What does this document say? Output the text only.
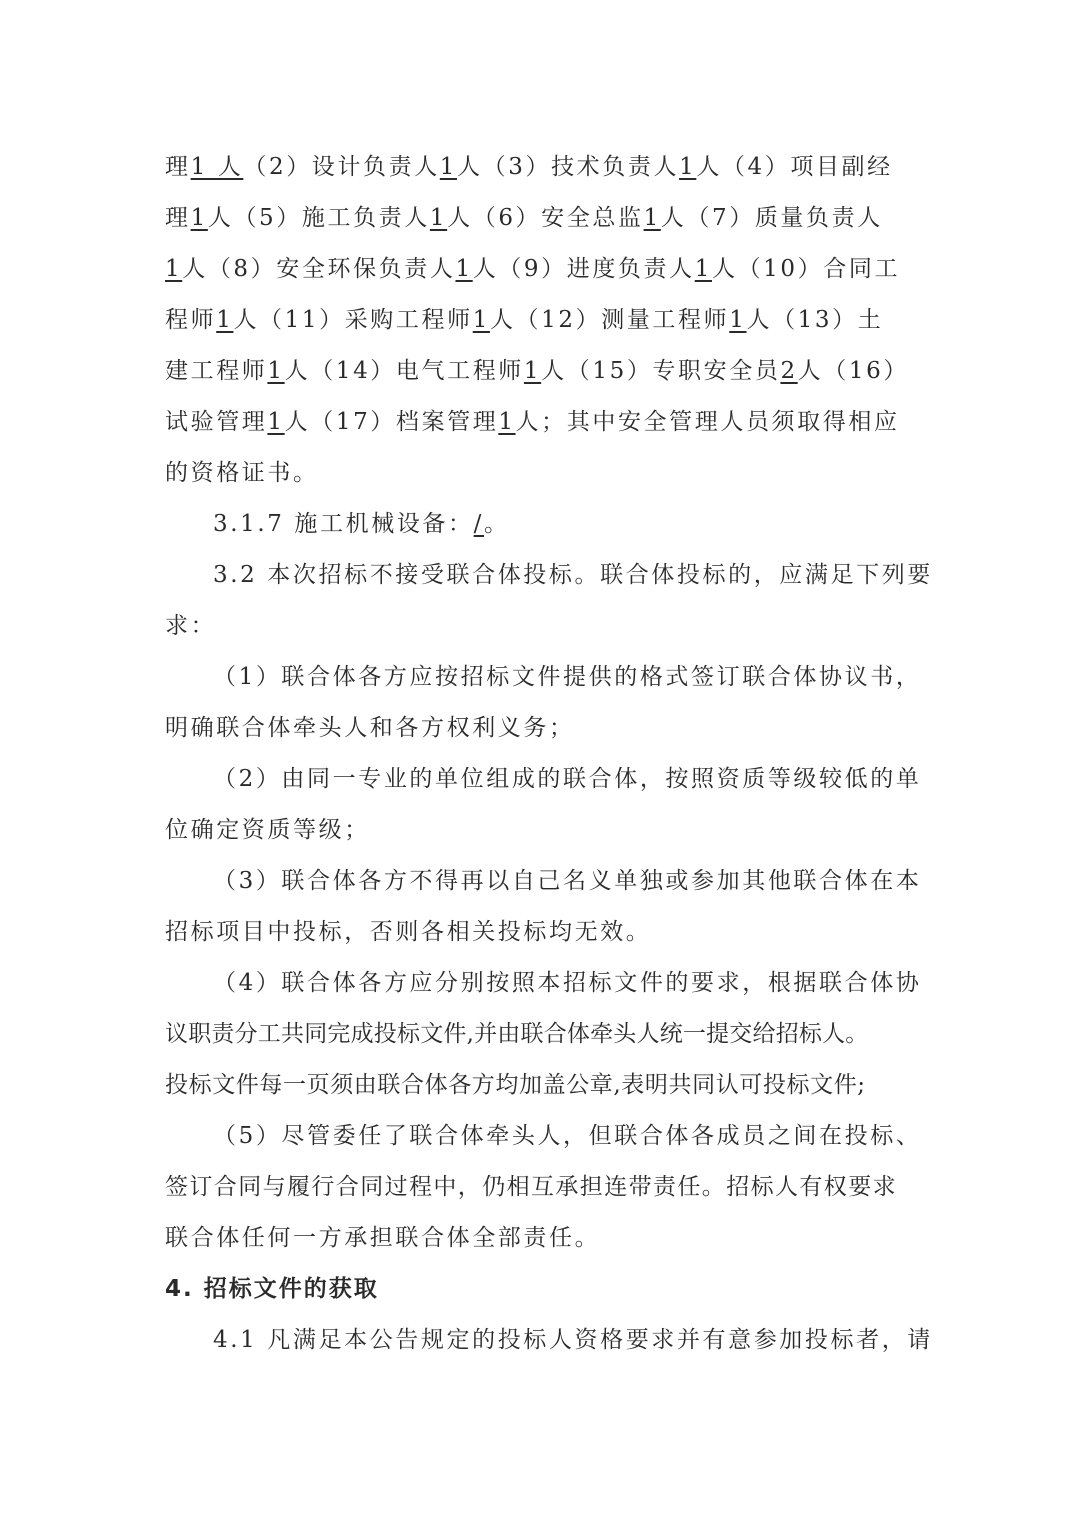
理1 人（2）设计负责人1人（3）技术负责人1人（4）项目副经
理1人（5）施工负责人1人（6）安全总监1人（7）质量负责人
1人（8）安全环保负责人1人（9）进度负责人1人（10）合同工
程师1人（11）采购工程师1人（12）测量工程师1人（13）土
建工程师1人（14）电气工程师1人（15）专职安全员2人（16）
试验管理1人（17）档案管理1人；其中安全管理人员须取得相应
的资格证书。
3.1.7 施工机械设备：/。
3.2 本次招标不接受联合体投标。联合体投标的，应满足下列要
求：
（1）联合体各方应按招标文件提供的格式签订联合体协议书，
明确联合体牵头人和各方权利义务；
（2）由同一专业的单位组成的联合体，按照资质等级较低的单
位确定资质等级；
（3）联合体各方不得再以自己名义单独或参加其他联合体在本
招标项目中投标，否则各相关投标均无效。
（4）联合体各方应分别按照本招标文件的要求，根据联合体协
议职责分工共同完成投标文件,并由联合体牵头人统一提交给招标人。
投标文件每一页须由联合体各方均加盖公章,表明共同认可投标文件;
（5）尽管委任了联合体牵头人，但联合体各成员之间在投标、
签订合同与履行合同过程中，仍相互承担连带责任。招标人有权要求
联合体任何一方承担联合体全部责任。
4. 招标文件的获取
4.1 凡满足本公告规定的投标人资格要求并有意参加投标者，请
